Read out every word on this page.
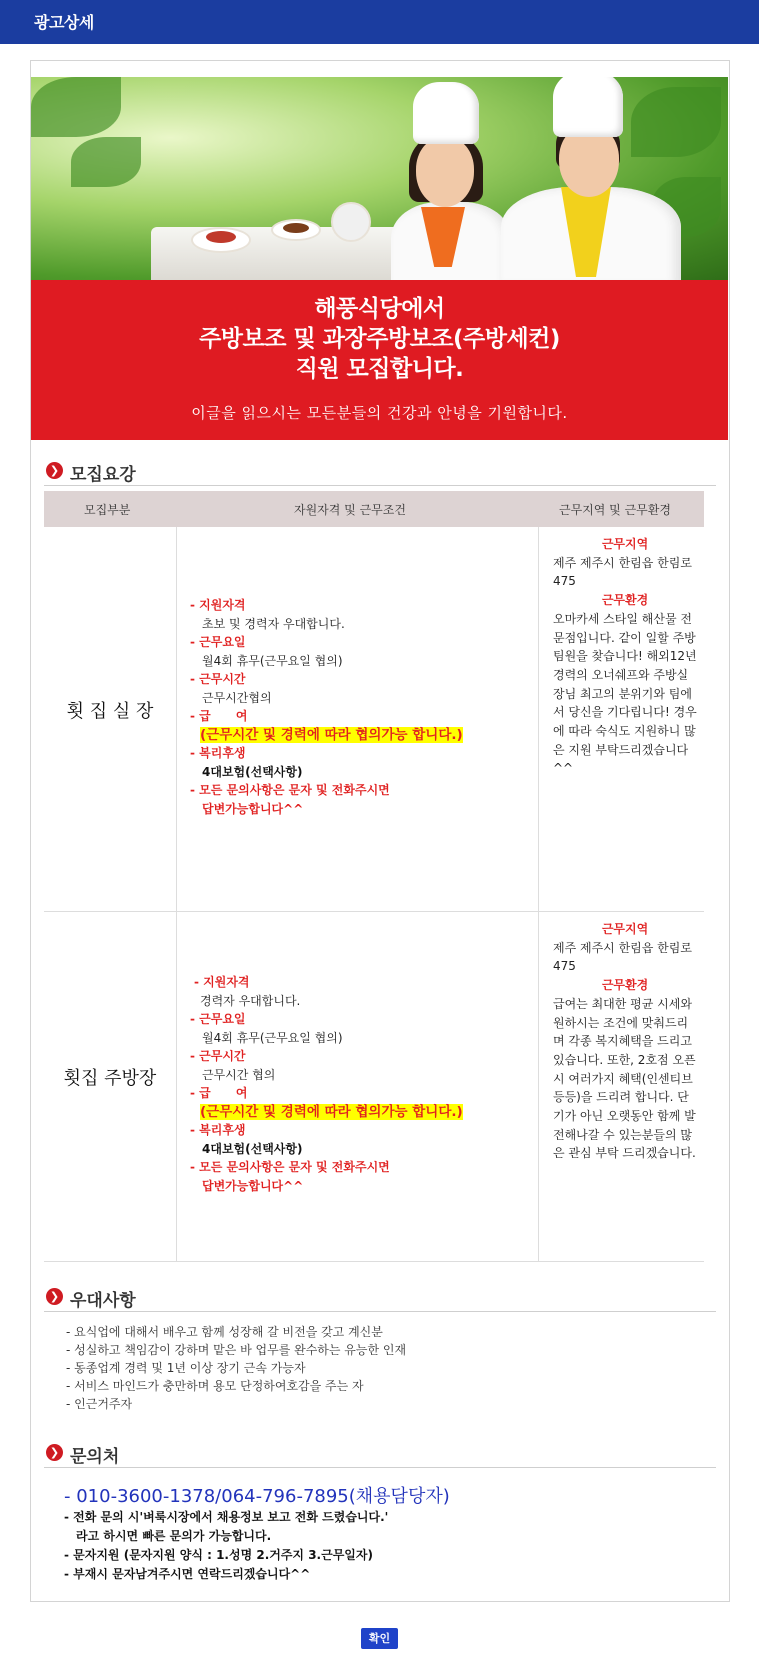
광고상세
해풍식당에서
주방보조 및 과장주방보조(주방세컨)
직원 모집합니다.
이글을 읽으시는 모든분들의 건강과 안녕을 기원합니다.
❯ 모집요강
모집부분	자원자격 및 근무조건	근무지역 및 근무환경
횟 집 실 장
- 지원자격
초보 및 경력자 우대합니다.
- 근무요일
월4회 휴무(근무요일 협의)
- 근무시간
근무시간협의
- 급      여
(근무시간 및 경력에 따라 협의가능 합니다.)
- 복리후생
4대보험(선택사항)
- 모든 문의사항은 문자 및 전화주시면
답변가능합니다^^
근무지역
제주 제주시 한림읍 한림로 475
근무환경
오마카세 스타일 해산물 전문점입니다. 같이 일할 주방팀원을 찾습니다! 해외12년 경력의 오너쉐프와 주방실장님 최고의 분위기와 팀에서 당신을 기다립니다! 경우에 따라 숙식도 지원하니 많은 지원 부탁드리겠습니다^^
횟집 주방장
- 지원자격
경력자 우대합니다.
- 근무요일
월4회 휴무(근무요일 협의)
- 근무시간
근무시간 협의
- 급      여
(근무시간 및 경력에 따라 협의가능 합니다.)
- 복리후생
4대보험(선택사항)
- 모든 문의사항은 문자 및 전화주시면
답변가능합니다^^
근무지역
제주 제주시 한림읍 한림로 475
근무환경
급여는 최대한 평균 시세와 원하시는 조건에 맞춰드리며 각종 복지혜택을 드리고 있습니다. 또한, 2호점 오픈시 여러가지 혜택(인센티브 등등)을 드리려 합니다. 단기가 아닌 오랫동안 함께 발전해나갈 수 있는분들의 많은 관심 부탁 드리겠습니다.
❯ 우대사항
- 요식업에 대해서 배우고 함께 성장해 갈 비전을 갖고 계신분
- 성실하고 책임감이 강하며 맡은 바 업무를 완수하는 유능한 인재
- 동종업계 경력 및 1년 이상 장기 근속 가능자
- 서비스 마인드가 충만하며 용모 단정하여호감을 주는 자
- 인근거주자
❯ 문의처
- 010-3600-1378/064-796-7895(채용담당자)
- 전화 문의 시'벼룩시장에서 채용정보 보고 전화 드렸습니다.'
라고 하시면 빠른 문의가 가능합니다.
- 문자지원 (문자지원 양식 : 1.성명 2.거주지 3.근무일자)
- 부재시 문자남겨주시면 연락드리겠습니다^^
확인
